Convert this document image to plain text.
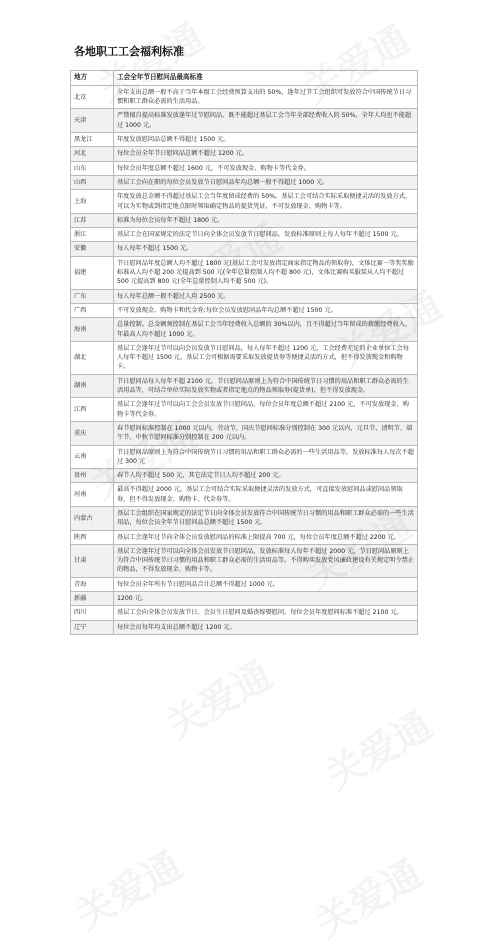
各地职工工会福利标准
地方	工会全年节日慰问品最高标准
北京	全年支出总额一般不高于当年本级工会经费预算支出的 50%，逢年过节工会组织可发放符合中国传统节日习惯和职工群众必需的生活用品。
天津	严禁擅自提高标准发放逢年过节慰问品，既不能超过基层工会当年全部经费收入的 50%，全年人均也不能超过 1000 元。
黑龙江	年度发放慰问品总额不得超过 1500 元。
河北	每位会员全年节日慰问品总额不超过 1200 元。
山东	每位会员年度总额不超过 1600 元，不可发放现金、购物卡等代金券。
山西	基层工会向在职的每位会员发放节日慰问品年均总额一般不得超过 1000 元。
上海	年度发放总金额不得超过基层工会当年度留成经费的 50%。基层工会可结合实际采取便捷灵活的发放方式，可以为实物或到指定地点限时领取确定物品的提货凭证，不可发放现金、购物卡等。
江苏	标准为每位会员每年不超过 1800 元。
浙江	基层工会在国家规定的法定节日向全体会员发放节日慰问品，发放标准原则上每人每年不超过 1500 元。
安徽	每人每年不超过 1500 元。
福建	节日慰问品年度总额人均不超过 1800 元(基层工会可发放指定商家指定物品的领取券)，文体比赛一等奖奖励标准从人均不超 200 元提高到 500 元(全年总量控制人均不超 800 元)，文体比赛购买服装从人均不超过 500 元提高到 800 元(全年总量控制人均不超 500 元)。
广东	每人每年总额一般不超过人均 2500 元。
广西	不可发放现金、购物卡和代金券;每位会员发放慰问品年均总额不超过 1500 元。
海南	总量控制。总金额须控制在基层工会当年经费收入总额的 30%以内，且不得超过当年留成的拨缴经费收入，年最高人均不超过 1000 元。
湖北	基层工会逢年过节可以向会员发放节日慰问品，每人每年不超过 1200 元，工会经费充足的企业单位工会每人每年不超过 1500 元。基层工会可根据需要采取发放提货券等便捷灵活的方式，但不得发放现金和购物卡。
湖南	节日慰问品每人每年不超 2100 元，节日慰问品原则上为符合中国传统节日习惯的用品和职工群众必需的生活用品等，可结合单位实际发放实物或者指定地点的物品领取券(提货单)，但不得发放现金。
江西	基层工会逢年过节可以向工会会员发放节日慰问品，每位会员年度总额不超过 2100 元，不可发放现金、购物卡等代金券。
重庆	春节慰问标准控制在 1000 元以内，劳动节、国庆节慰问标准分别控制在 300 元以内，元旦节、清明节、端午节、中秋节慰问标准分别控制在 200 元以内。
云南	节日慰问品原则上为符合中国传统节日习惯的用品和职工群众必需的一些生活用品等，发放标准每人每次不超过 300 元
贵州	春节人均不超过 500 元，其它法定节日人均不超过 200 元。
河南	最高不得超过 2000 元，基层工会可结合实际采取便捷灵活的发放方式，可直接发放慰问品或慰问品领取券，但不得发放现金、购物卡、代金券等。
内蒙古	基层工会组织在国家规定的法定节日向全体会员发放符合中国传统节日习惯的用品和职工群众必需的一些生活用品，每位会员全年节日慰问品总额不超过 1500 元。
陕西	基层工会逢年过节向全体会员发放慰问品的标准上限提高 700 元，每位会员年度总额不超过 2200 元。
甘肃	基层工会逢年过节可以向全体会员发放节日慰问品，发放标准每人每年不超过 2000 元，节日慰问品原则上为符合中国传统节日习惯的用品和职工群众必需的生活用品等。不得购买发放党风廉政建设有关规定明令禁止的物品，不得发放现金、购物卡等。
青海	每位会员全年所有节日慰问品合计总额不得超过 1000 元。
新疆	1200 元。
四川	基层工会向全体会员发放节日、会员生日慰问及婚丧嫁娶慰问，每位会员年度慰问标准不超过 2100 元。
辽宁	每位会员每年均支出总额不超过 1200 元。
